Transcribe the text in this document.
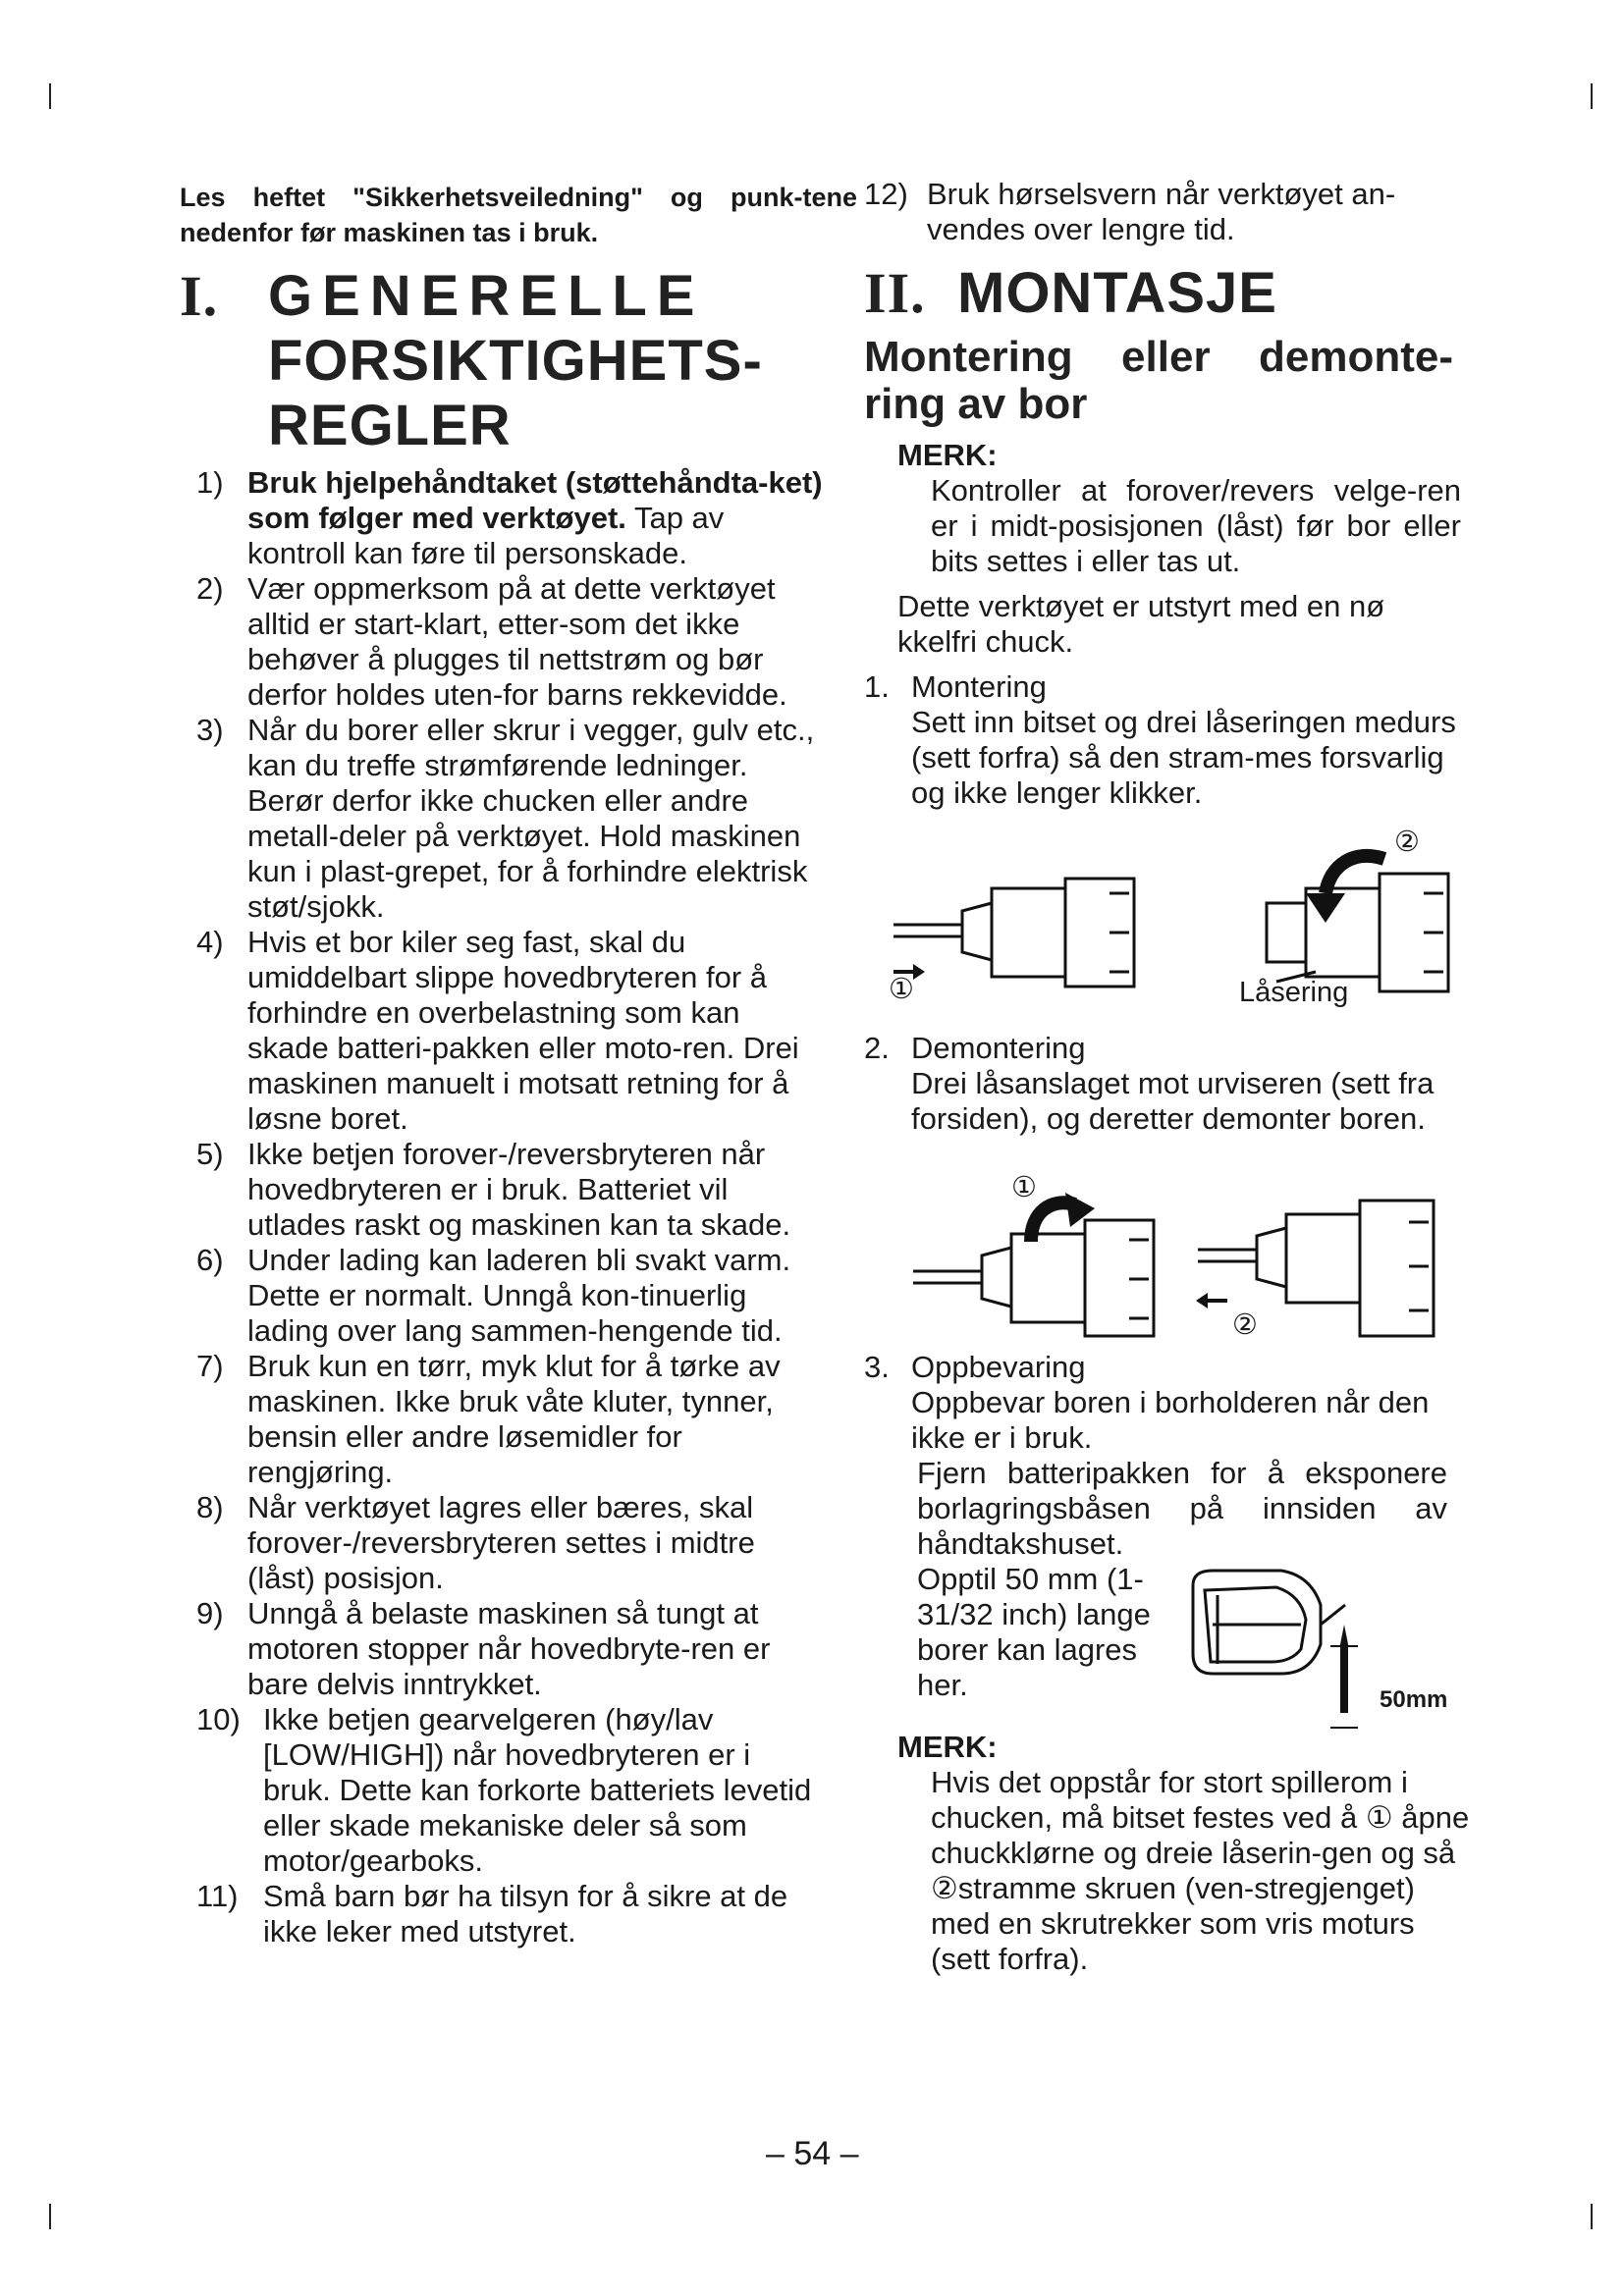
Les heftet "Sikkerhetsveiledning" og punk-tene nedenfor før maskinen tas i bruk.
I. GENERELLE
FORSIKTIGHETS-
REGLER
1) Bruk hjelpehåndtaket (støttehåndta-ket) som følger med verktøyet. Tap av kontroll kan føre til personskade.
2) Vær oppmerksom på at dette verktøyet alltid er start-klart, etter-som det ikke behøver å plugges til nettstrøm og bør derfor holdes uten-for barns rekkevidde.
3) Når du borer eller skrur i vegger, gulv etc., kan du treffe strømførende ledninger. Berør derfor ikke chucken eller andre metall-deler på verktøyet. Hold maskinen kun i plast-grepet, for å forhindre elektrisk støt/sjokk.
4) Hvis et bor kiler seg fast, skal du umiddelbart slippe hovedbryteren for å forhindre en overbelastning som kan skade batteri-pakken eller moto-ren. Drei maskinen manuelt i motsatt retning for å løsne boret.
5) Ikke betjen forover-/reversbryteren når hovedbryteren er i bruk. Batteriet vil utlades raskt og maskinen kan ta skade.
6) Under lading kan laderen bli svakt varm. Dette er normalt. Unngå kon-tinuerlig lading over lang sammen-hengende tid.
7) Bruk kun en tørr, myk klut for å tørke av maskinen. Ikke bruk våte kluter, tynner, bensin eller andre løsemidler for rengjøring.
8) Når verktøyet lagres eller bæres, skal forover-/reversbryteren settes i midtre (låst) posisjon.
9) Unngå å belaste maskinen så tungt at motoren stopper når hovedbryte-ren er bare delvis inntrykket.
10) Ikke betjen gearvelgeren (høy/lav [LOW/HIGH]) når hovedbryteren er i bruk. Dette kan forkorte batteriets levetid eller skade mekaniske deler så som motor/gearboks.
11) Små barn bør ha tilsyn for å sikre at de ikke leker med utstyret.
12) Bruk hørselsvern når verktøyet an-vendes over lengre tid.
II. MONTASJE
Montering eller demonte-ring av bor
MERK:
Kontroller at forover/revers velge-ren er i midt-posisjonen (låst) før bor eller bits settes i eller tas ut.
Dette verktøyet er utstyrt med en nø kkelfri chuck.
1. Montering
Sett inn bitset og drei låseringen medurs (sett forfra) så den stram-mes forsvarlig og ikke lenger klikker.
①
②
Låsering
2. Demontering
Drei låsanslaget mot urviseren (sett fra forsiden), og deretter demonter boren.
①
②
3. Oppbevaring
Oppbevar boren i borholderen når den ikke er i bruk.
Fjern batteripakken for å eksponere borlagringsbåsen på innsiden av håndtakshuset.
Opptil 50 mm (1-31/32 inch) lange borer kan lagres her.	50mm
MERK:
Hvis det oppstår for stort spillerom i chucken, må bitset festes ved å ① åpne chuckklørne og dreie låserin-gen og så ②stramme skruen (ven-stregjenget) med en skrutrekker som vris moturs (sett forfra).
– 54 –
